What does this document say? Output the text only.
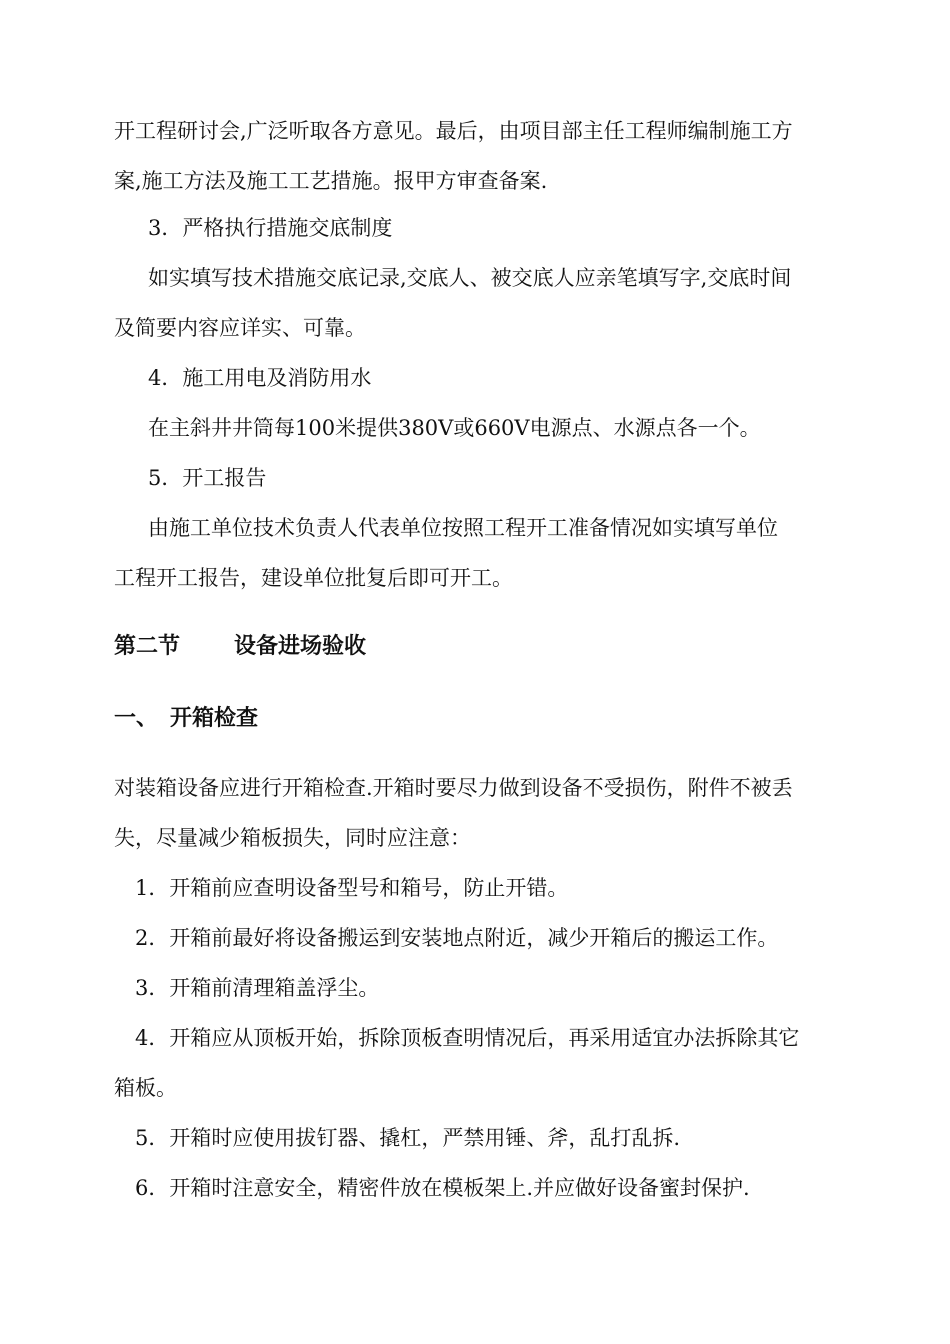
开工程研讨会,广泛听取各方意见。最后，由项目部主任工程师编制施工方
案,施工方法及施工工艺措施。报甲方审查备案.
3．严格执行措施交底制度
如实填写技术措施交底记录,交底人、被交底人应亲笔填写字,交底时间
及简要内容应详实、可靠。
4．施工用电及消防用水
在主斜井井筒每100米提供380V或660V电源点、水源点各一个。
5．开工报告
由施工单位技术负责人代表单位按照工程开工准备情况如实填写单位
工程开工报告，建设单位批复后即可开工。
第二节 设备进场验收
一、 开箱检查
对装箱设备应进行开箱检查.开箱时要尽力做到设备不受损伤，附件不被丢
失，尽量减少箱板损失，同时应注意：
1．开箱前应查明设备型号和箱号，防止开错。
2．开箱前最好将设备搬运到安装地点附近，减少开箱后的搬运工作。
3．开箱前清理箱盖浮尘。
4．开箱应从顶板开始，拆除顶板查明情况后，再采用适宜办法拆除其它
箱板。
5．开箱时应使用拔钉器、撬杠，严禁用锤、斧，乱打乱拆.
6．开箱时注意安全，精密件放在模板架上.并应做好设备蜜封保护.
